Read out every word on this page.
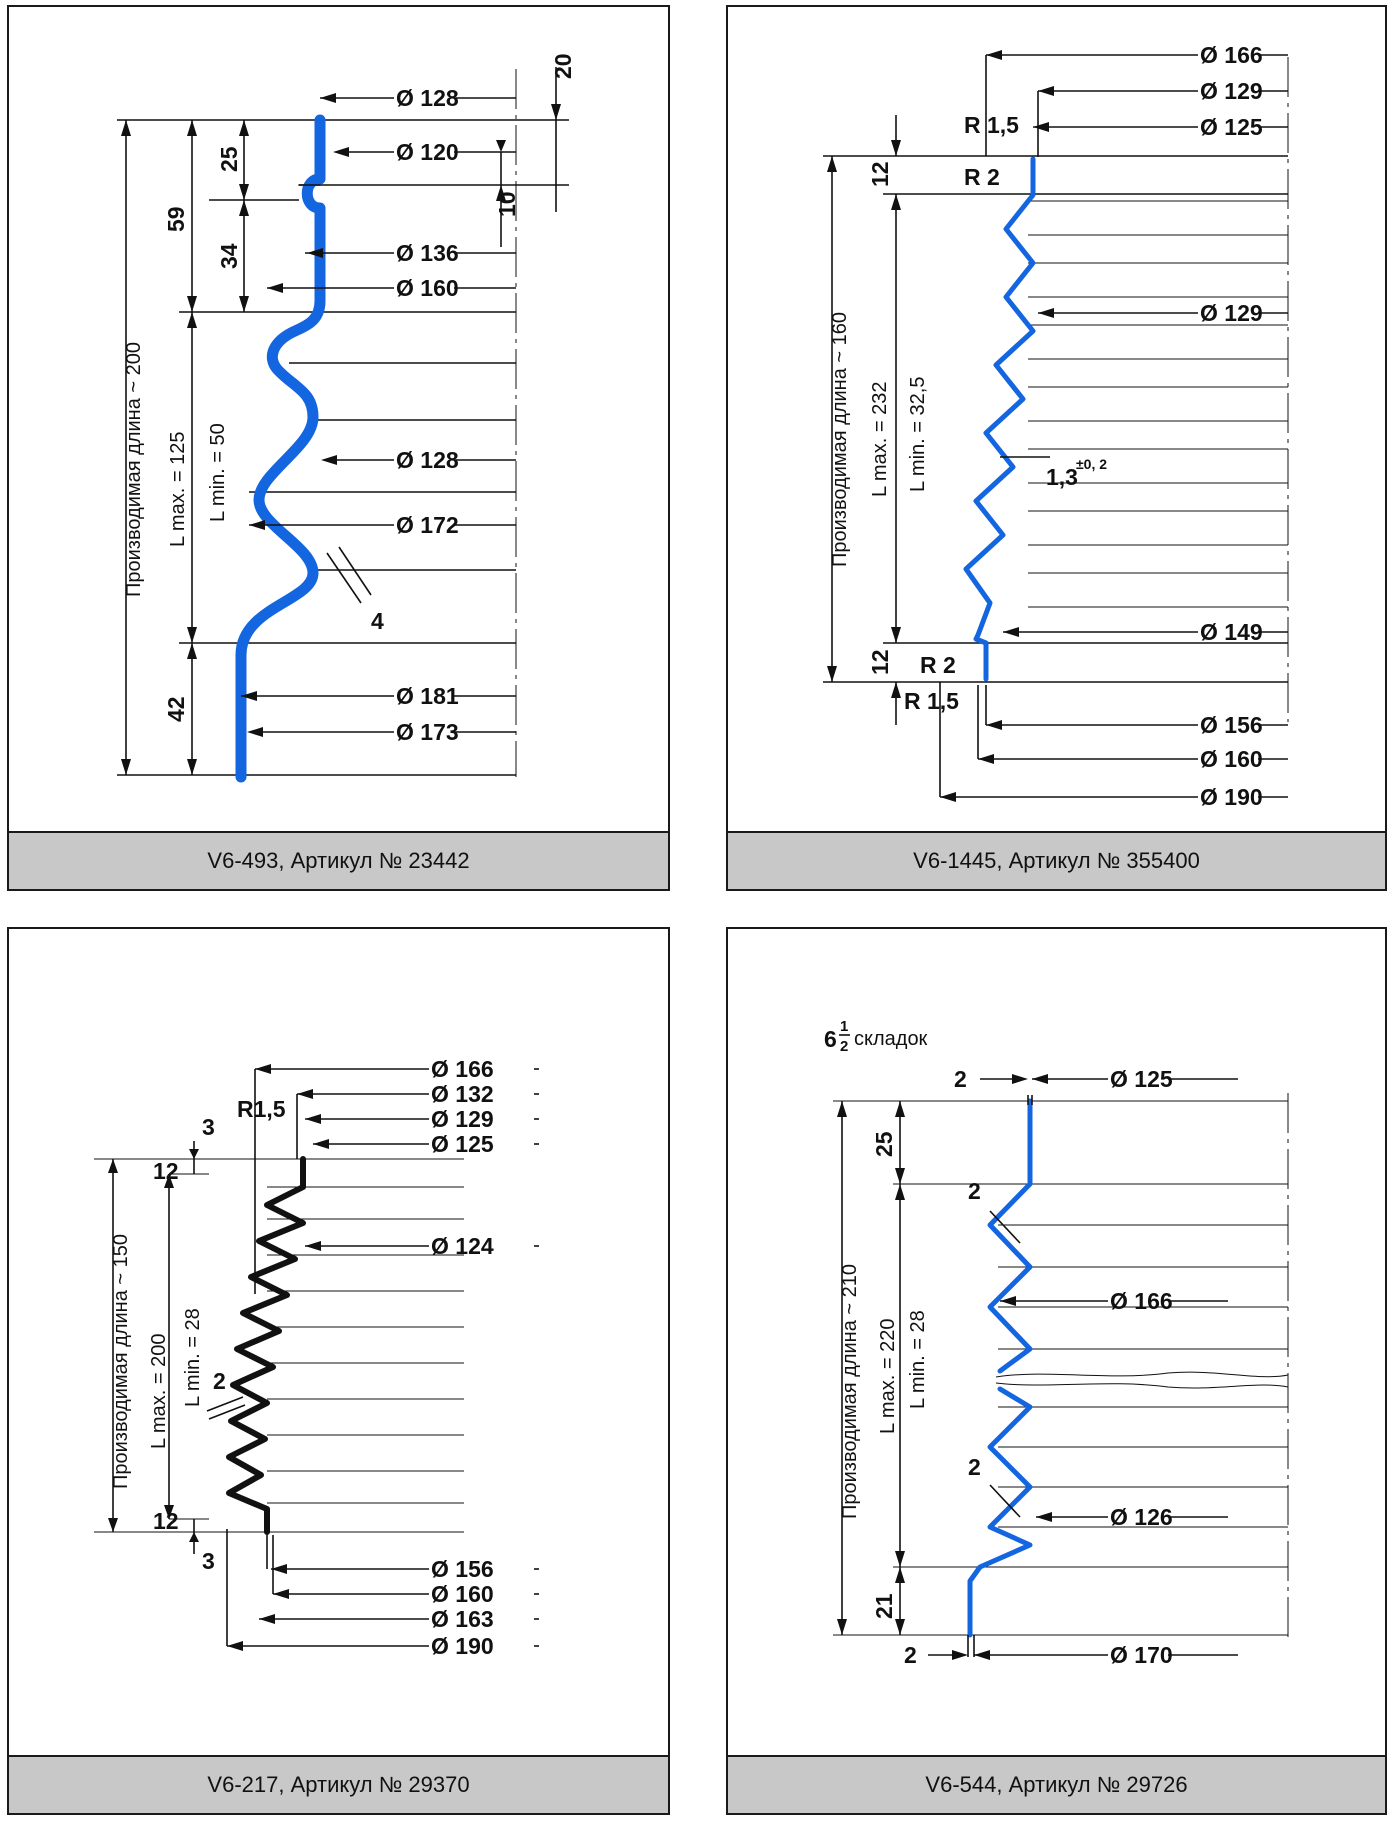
Ø 128
Ø 120
Ø 136
Ø 160
Ø 128
Ø 172
Ø 181
Ø 173
4
20
10
25
34
59
42
Производимая длина ~ 200 L max. = 125 L min. = 50
V6-493, Артикул № 23442
Ø 166
Ø 129
Ø 125
R 1,5
R 2
Ø 129
1,3
±0, 2
Ø 149
R 2
R 1,5
Ø 156
Ø 160
Ø 190
12
12
Производимая длина ~ 160 L max. = 232 L min. = 32,5
V6-1445, Артикул № 355400
Ø 166
Ø 132
Ø 129
Ø 125
R1,5
Ø 124
2
Ø 156
Ø 160
Ø 163
Ø 190
3
3
12
12
Производимая длина ~ 150 L max. = 200 L min. = 28
V6-217, Артикул № 29370
6 1
2 складок
2	Ø 125
2
Ø 166
2
Ø 126
2	Ø 170
25
21
Производимая длина ~ 210 L max. = 220 L min. = 28
V6-544, Артикул № 29726
